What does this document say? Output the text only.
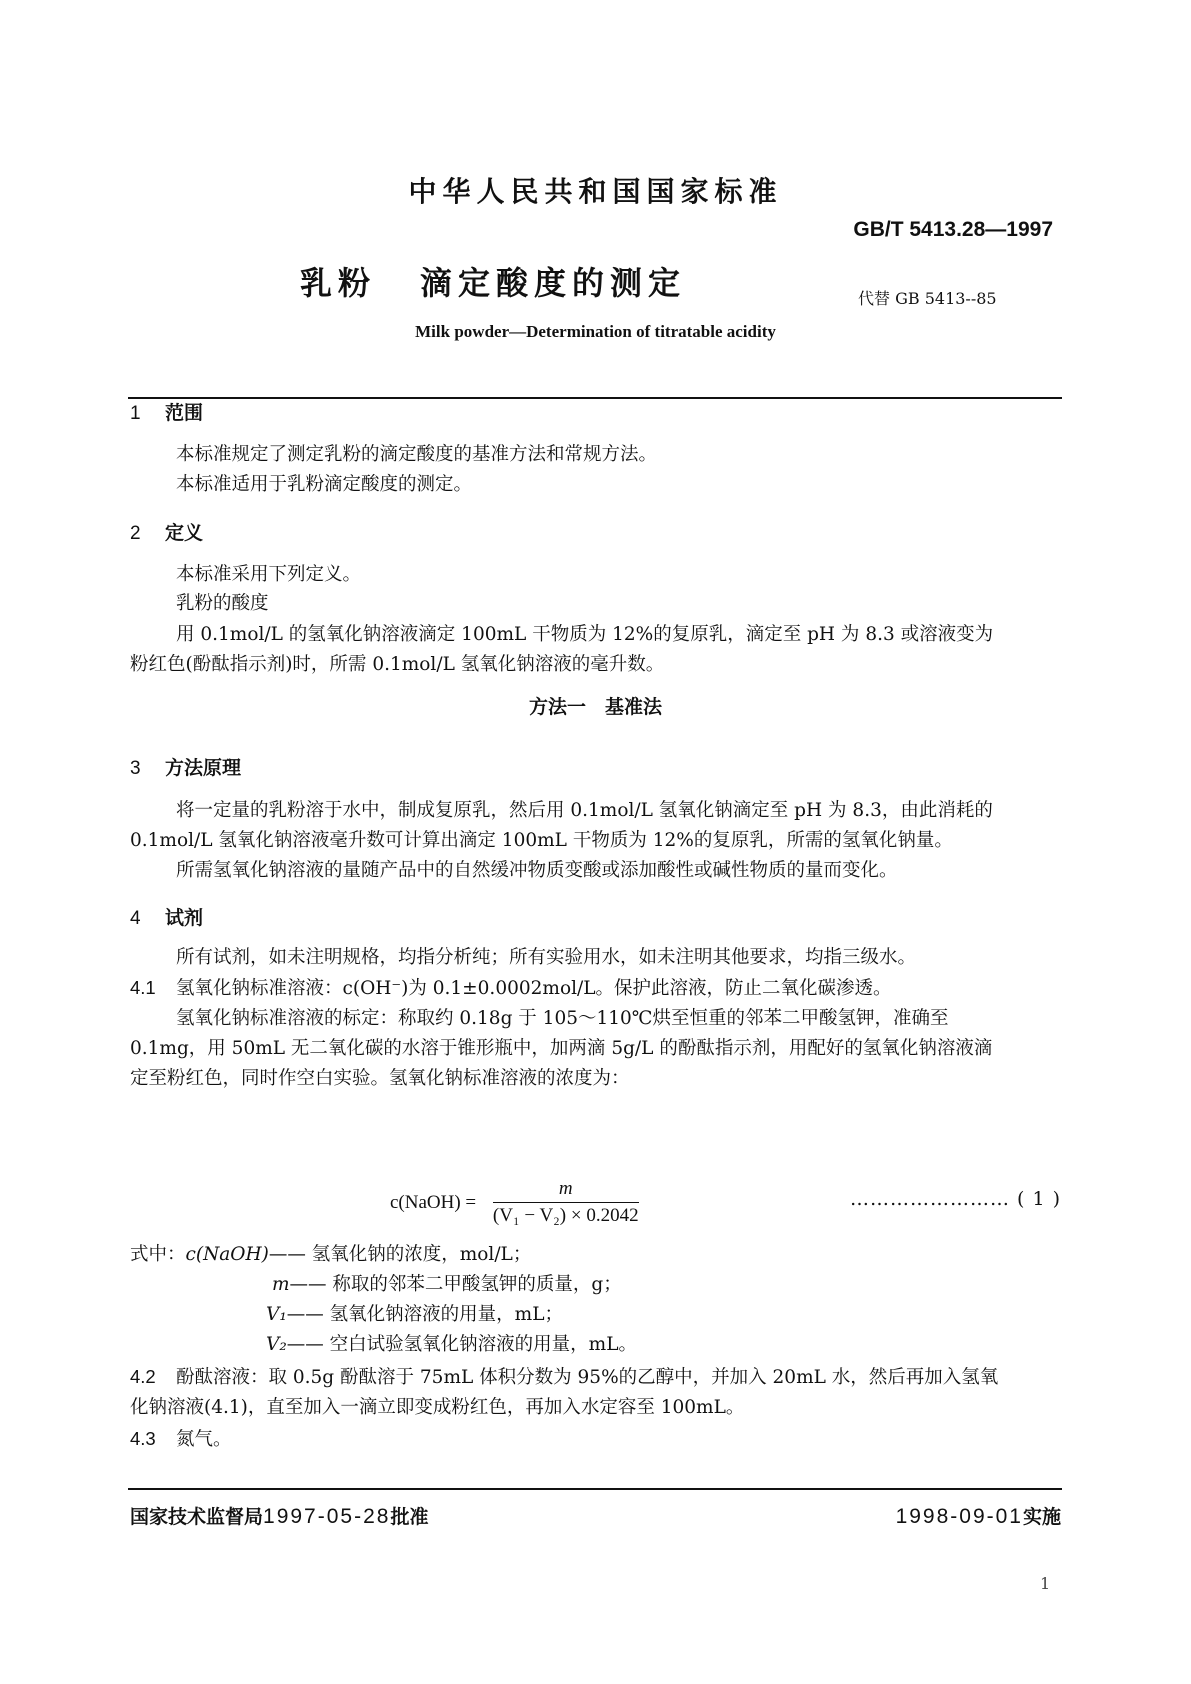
中华人民共和国国家标准
GB/T 5413.28—1997
乳粉 滴定酸度的测定	代替 GB 5413--85
Milk powder—Determination of titratable acidity
1 范围
本标准规定了测定乳粉的滴定酸度的基准方法和常规方法。
本标准适用于乳粉滴定酸度的测定。
2 定义
本标准采用下列定义。
乳粉的酸度
用 0.1mol/L 的氢氧化钠溶液滴定 100mL 干物质为 12%的复原乳，滴定至 pH 为 8.3 或溶液变为
粉红色(酚酞指示剂)时，所需 0.1mol/L 氢氧化钠溶液的毫升数。
方法一　基准法
3 方法原理
将一定量的乳粉溶于水中，制成复原乳，然后用 0.1mol/L 氢氧化钠滴定至 pH 为 8.3，由此消耗的
0.1mol/L 氢氧化钠溶液毫升数可计算出滴定 100mL 干物质为 12%的复原乳，所需的氢氧化钠量。
所需氢氧化钠溶液的量随产品中的自然缓冲物质变酸或添加酸性或碱性物质的量而变化。
4 试剂
所有试剂，如未注明规格，均指分析纯；所有实验用水，如未注明其他要求，均指三级水。
4.1 氢氧化钠标准溶液：c(OH⁻)为 0.1±0.0002mol/L。保护此溶液，防止二氧化碳渗透。
氢氧化钠标准溶液的标定：称取约 0.18g 于 105～110℃烘至恒重的邻苯二甲酸氢钾，准确至
0.1mg，用 50mL 无二氧化碳的水溶于锥形瓶中，加两滴 5g/L 的酚酞指示剂，用配好的氢氧化钠溶液滴
定至粉红色，同时作空白实验。氢氧化钠标准溶液的浓度为：
c(NaOH) = $\frac{m}{\text{(V₁ − V₂) × 0.2042}}$	…………………… ( 1 )
式中：c(NaOH)—— 氢氧化钠的浓度，mol/L；
m—— 称取的邻苯二甲酸氢钾的质量，g；
V₁—— 氢氧化钠溶液的用量，mL；
V₂—— 空白试验氢氧化钠溶液的用量，mL。
4.2 酚酞溶液：取 0.5g 酚酞溶于 75mL 体积分数为 95%的乙醇中，并加入 20mL 水，然后再加入氢氧
化钠溶液(4.1)，直至加入一滴立即变成粉红色，再加入水定容至 100mL。
4.3 氮气。
国家技术监督局1997-05-28批准	1998-09-01实施
1
